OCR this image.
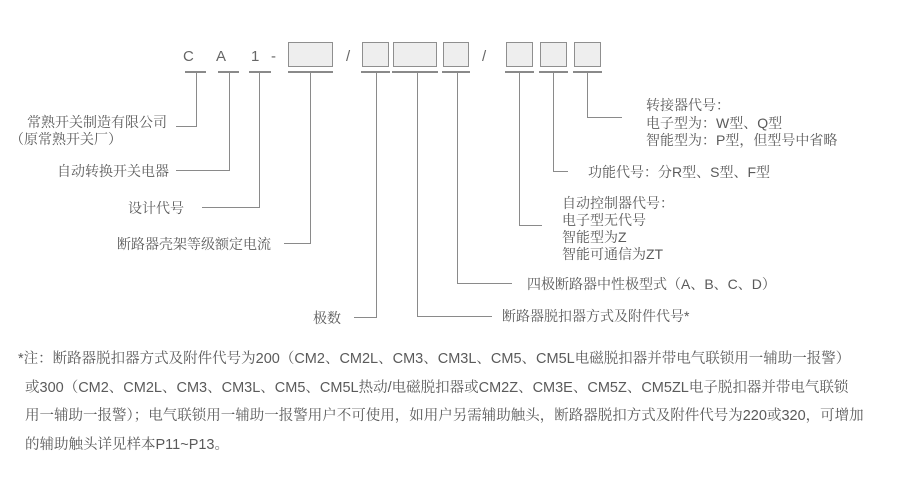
C A 1 -	/	/
常熟开关制造有限公司
（原常熟开关厂）
自动转换开关电器
设计代号
断路器壳架等级额定电流
极数	断路器脱扣器方式及附件代号*
四极断路器中性极型式（A、B、C、D）
自动控制器代号：
电子型无代号
智能型为Z
智能可通信为ZT
功能代号：分R型、S型、F型
转接器代号：
电子型为：W型、Q型
智能型为：P型，但型号中省略
*注：断路器脱扣器方式及附件代号为200（CM2、CM2L、CM3、CM3L、CM5、CM5L电磁脱扣器并带电气联锁用一辅助一报警）
或300（CM2、CM2L、CM3、CM3L、CM5、CM5L热动/电磁脱扣器或CM2Z、CM3E、CM5Z、CM5ZL电子脱扣器并带电气联锁
用一辅助一报警）；电气联锁用一辅助一报警用户不可使用，如用户另需辅助触头，断路器脱扣方式及附件代号为220或320，可增加
的辅助触头详见样本P11~P13。
